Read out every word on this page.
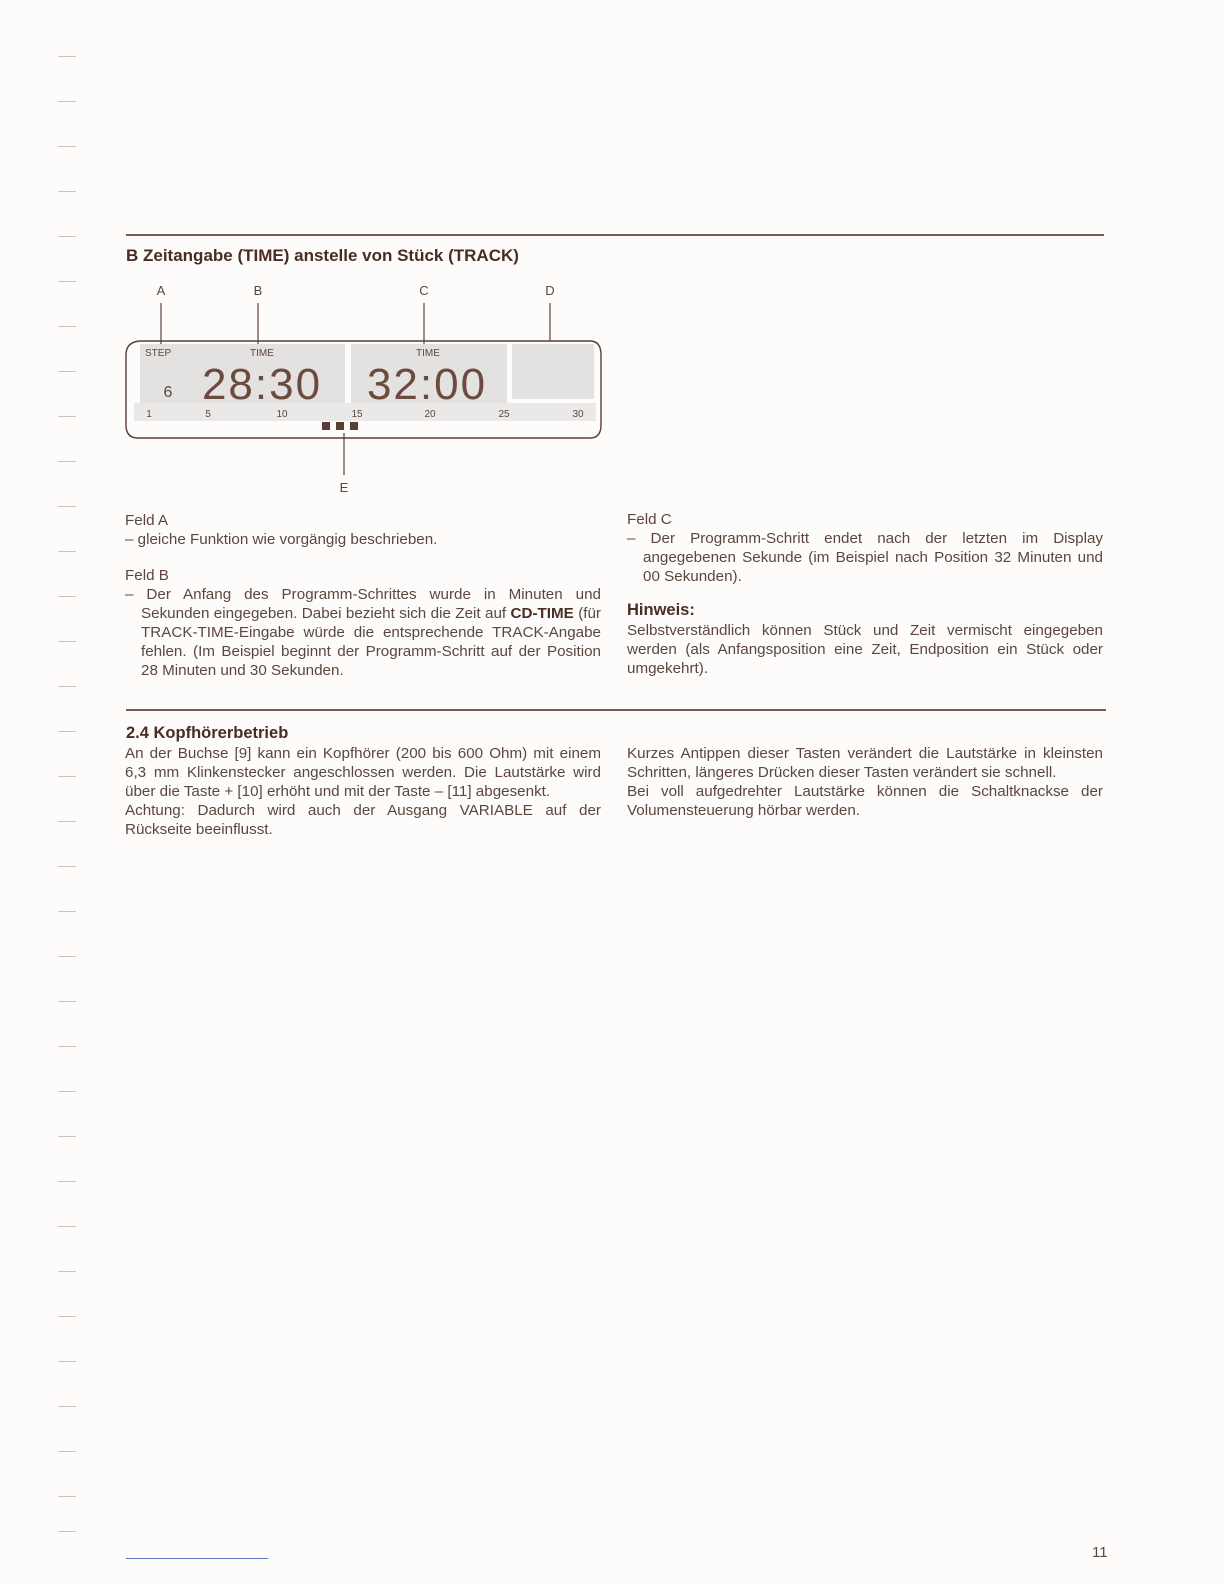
B Zeitangabe (TIME) anstelle von Stück (TRACK)
A	B	C	D
E
STEP	TIME	TIME
6 28:30 32:00
1	5	10	15	20	25	30

Feld A

– gleiche Funktion wie vorgängig beschrieben.

Feld B

– Der Anfang des Programm-Schrittes wurde in Minuten und Sekunden eingegeben. Dabei bezieht sich die Zeit auf CD-TIME (für TRACK-TIME-Eingabe würde die entsprechende TRACK-Angabe fehlen. (Im Beispiel beginnt der Programm-Schritt auf der Position 28 Minuten und 30 Sekunden.

Feld C

– Der Programm-Schritt endet nach der letzten im Display angegebenen Sekunde (im Beispiel nach Position 32 Minuten und 00 Sekunden).

Hinweis:

Selbstverständlich können Stück und Zeit vermischt eingegeben werden (als Anfangsposition eine Zeit, Endposition ein Stück oder umgekehrt).

2.4 Kopfhörerbetrieb

An der Buchse [9] kann ein Kopfhörer (200 bis 600 Ohm) mit einem 6,3 mm Klinkenstecker angeschlossen werden. Die Lautstärke wird über die Taste + [10] erhöht und mit der Taste – [11] abgesenkt.

Achtung: Dadurch wird auch der Ausgang VARIABLE auf der Rückseite beeinflusst.

Kurzes Antippen dieser Tasten verändert die Lautstärke in kleinsten Schritten, längeres Drücken dieser Tasten verändert sie schnell.

Bei voll aufgedrehter Lautstärke können die Schaltknackse der Volumensteuerung hörbar werden.

11
